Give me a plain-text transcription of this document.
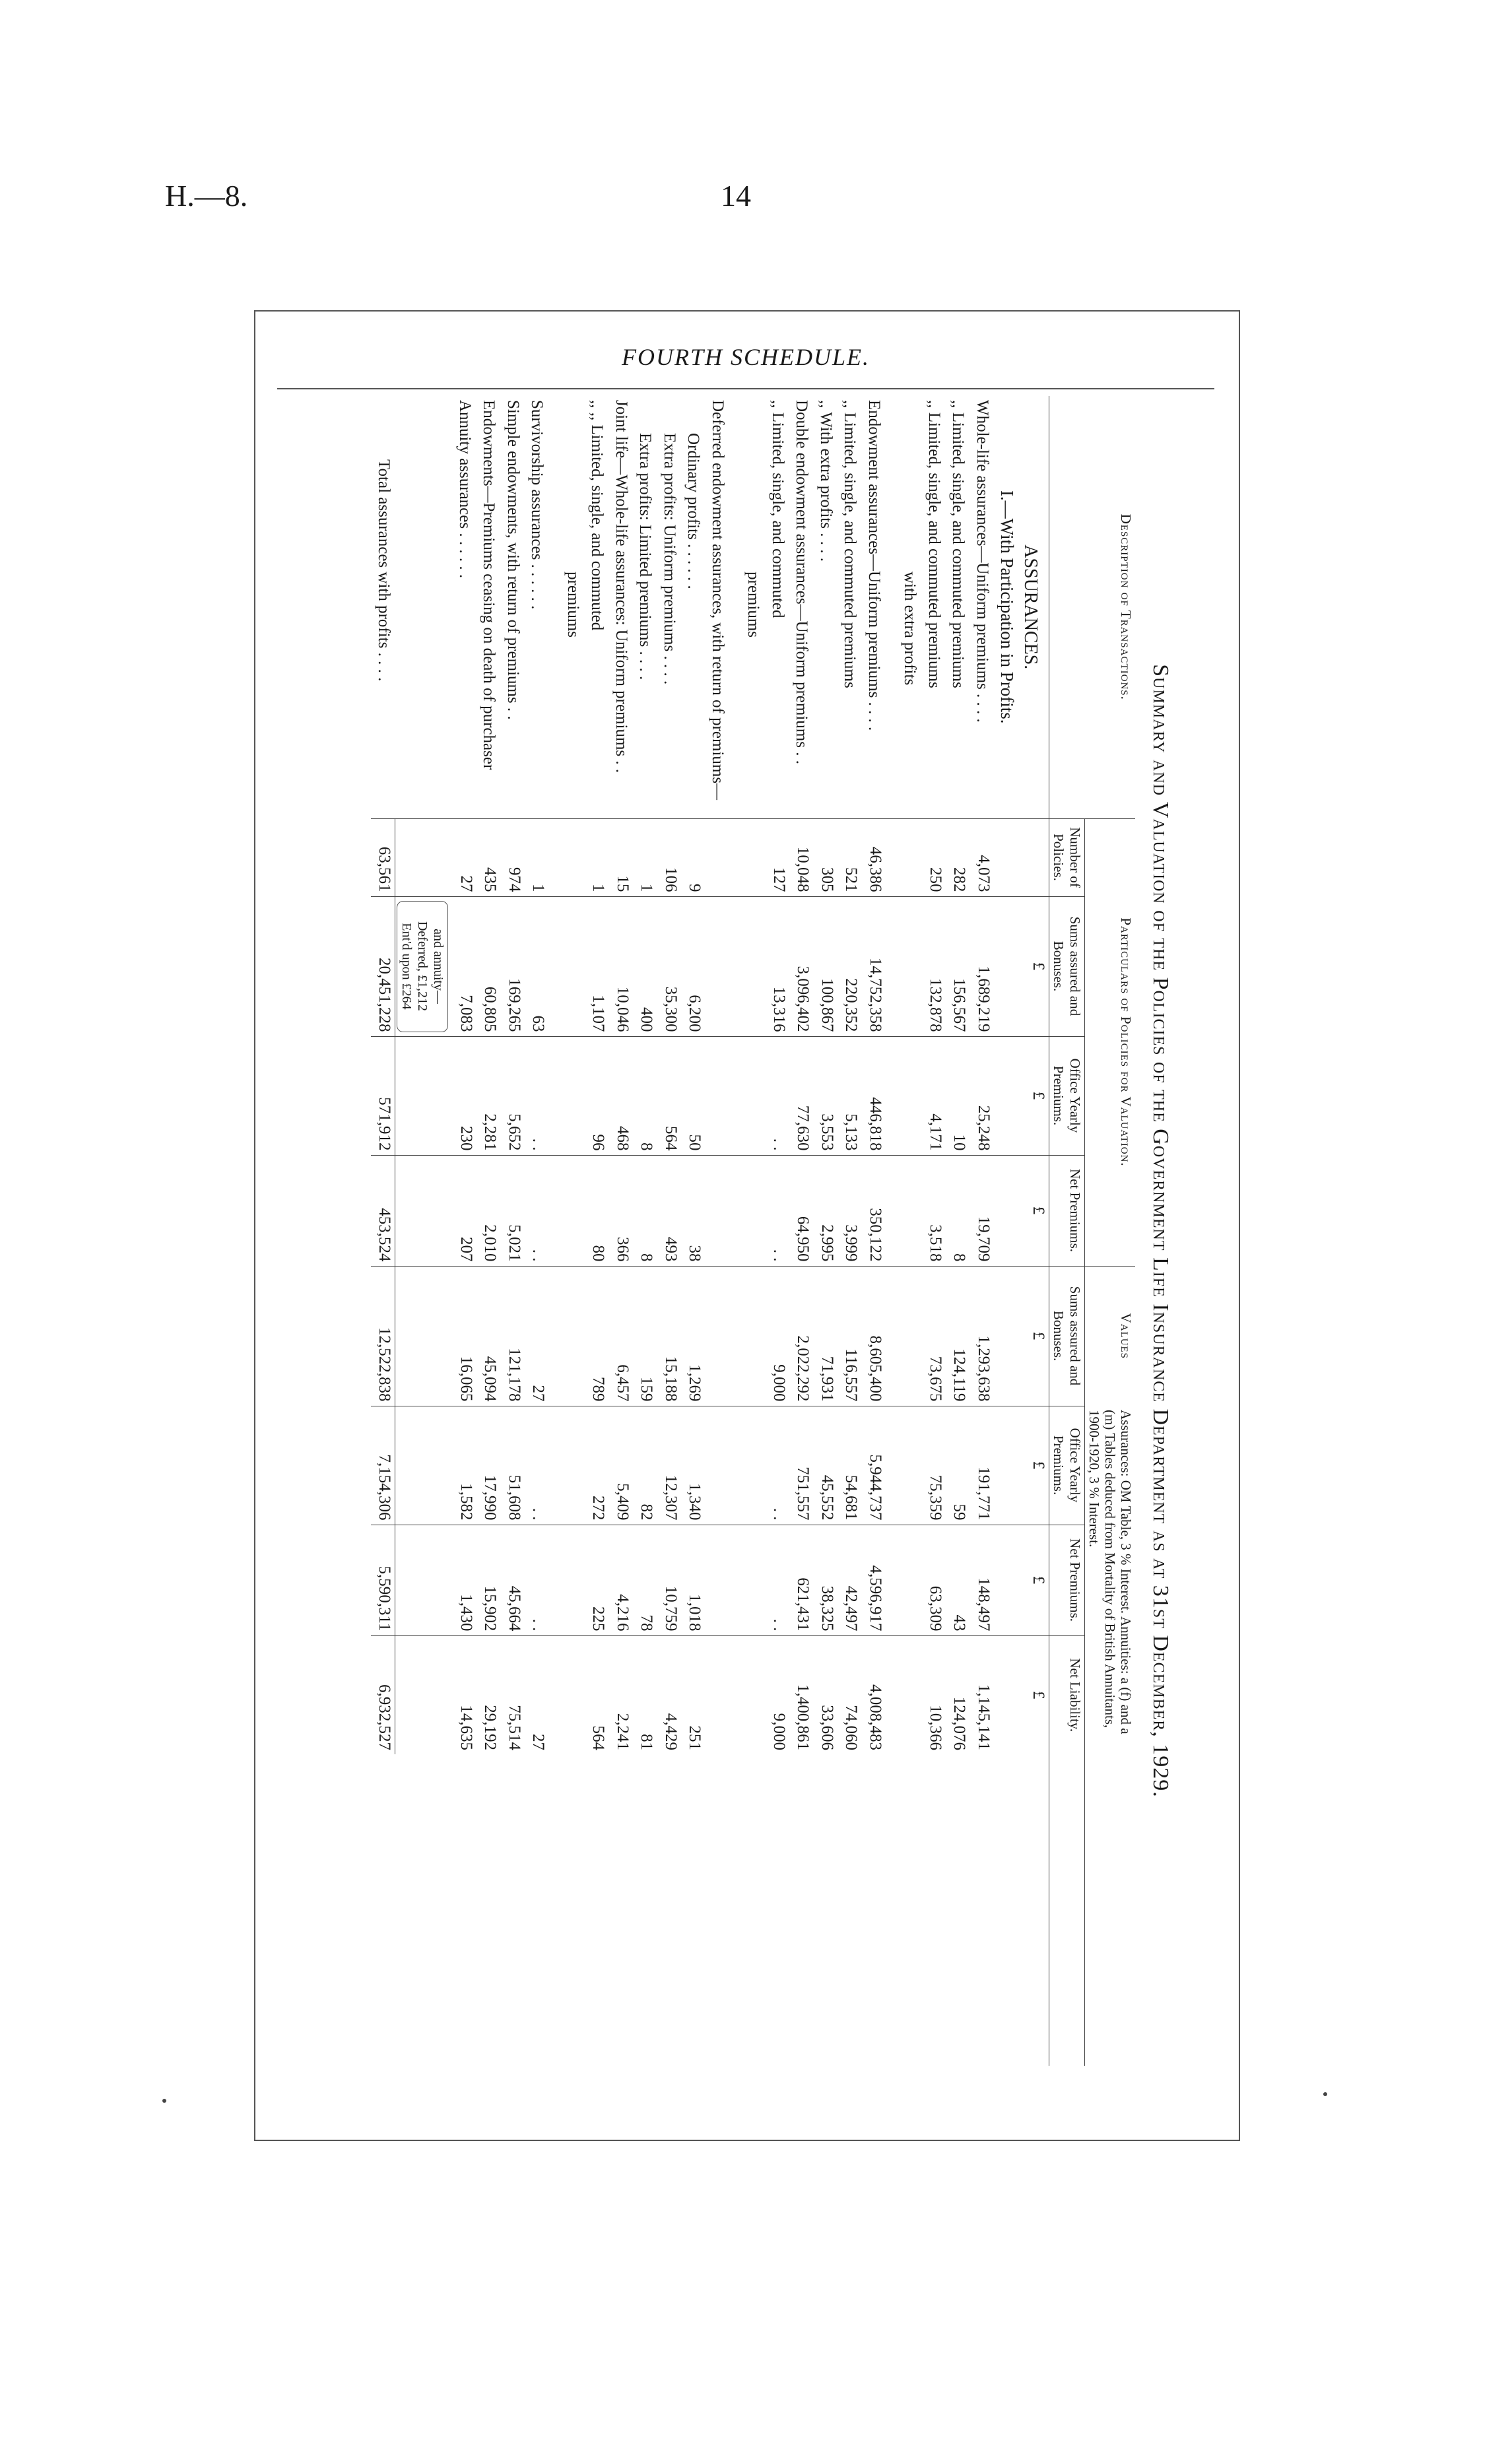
H.—8.	14
FOURTH SCHEDULE.
Summary and Valuation of the Policies of the Government Life Insurance Department as at 31st December, 1929.
Description of Transactions.	Particulars of Policies for Valuation.				Values	Assurances: OM Table, 3 % Interest. Annuities: a (f) and a (m) Tables deduced from Mortality of British Annuitants, 1900-1920, 3 % Interest.			
	Number of Policies.	Sums assured and Bonuses.	Office Yearly Premiums.	Net Premiums.	Sums assured and Bonuses.	Office Yearly Premiums.	Net Premiums.	Net Liability.	

ASSURANCES.
I.—With Participation in Profits.		£	£	£	£	£	£	£	

Whole-life assurances—Uniform premiums . . . .	4,073	1,689,219	25,248	19,709	1,293,638	191,771	148,497	1,145,141	

,, Limited, single, and commuted premiums	282	156,567	10	8	124,119	59	43	124,076	

,, Limited, single, and commuted premiums	250	132,878	4,171	3,518	73,675	75,359	63,309	10,366	

with extra profits									

Endowment assurances—Uniform premiums . . . .	46,386	14,752,358	446,818	350,122	8,605,400	5,944,737	4,596,917	4,008,483	

,, Limited, single, and commuted premiums	521	220,352	5,133	3,999	116,557	54,681	42,497	74,060	

,, With extra profits . . . .	305	100,867	3,553	2,995	71,931	45,552	38,325	33,606	

Double endowment assurances—Uniform premiums . .	10,048	3,096,402	77,630	64,950	2,022,292	751,557	621,431	1,400,861	

,, Limited, single, and commuted	127	13,316	. .	. .	9,000	. .	. .	9,000	

premiums									

Deferred endowment assurances, with return of premiums—									

Ordinary profits . . . . . .	9	6,200	50	38	1,269	1,340	1,018	251	

Extra profits: Uniform premiums . . . .	106	35,300	564	493	15,188	12,307	10,759	4,429	

Extra profits: Limited premiums . . . .	1	400	8	8	159	82	78	81	

Joint life—Whole-life assurances: Uniform premiums . .	15	10,046	468	366	6,457	5,409	4,216	2,241	

,, ,, Limited, single, and commuted	1	1,107	96	80	789	272	225	564	

premiums									

Survivorship assurances . . . . . .	1	63	. .	. .	27	. .	. .	27	

Simple endowments, with return of premiums . .	974	169,265	5,652	5,021	121,178	51,608	45,664	75,514	

Endowments—Premiums ceasing on death of purchaser	435	60,805	2,281	2,010	45,094	17,990	15,902	29,192	

Annuity assurances . . . . . .	27	7,083	230	207	16,065	1,582	1,430	14,635	

		and annuity—
Deferred, £1,212
Ent'd upon £264							

Total assurances with profits . . . .	63,561	20,451,228	571,912	453,524	12,522,838	7,154,306	5,590,311	6,932,527	
